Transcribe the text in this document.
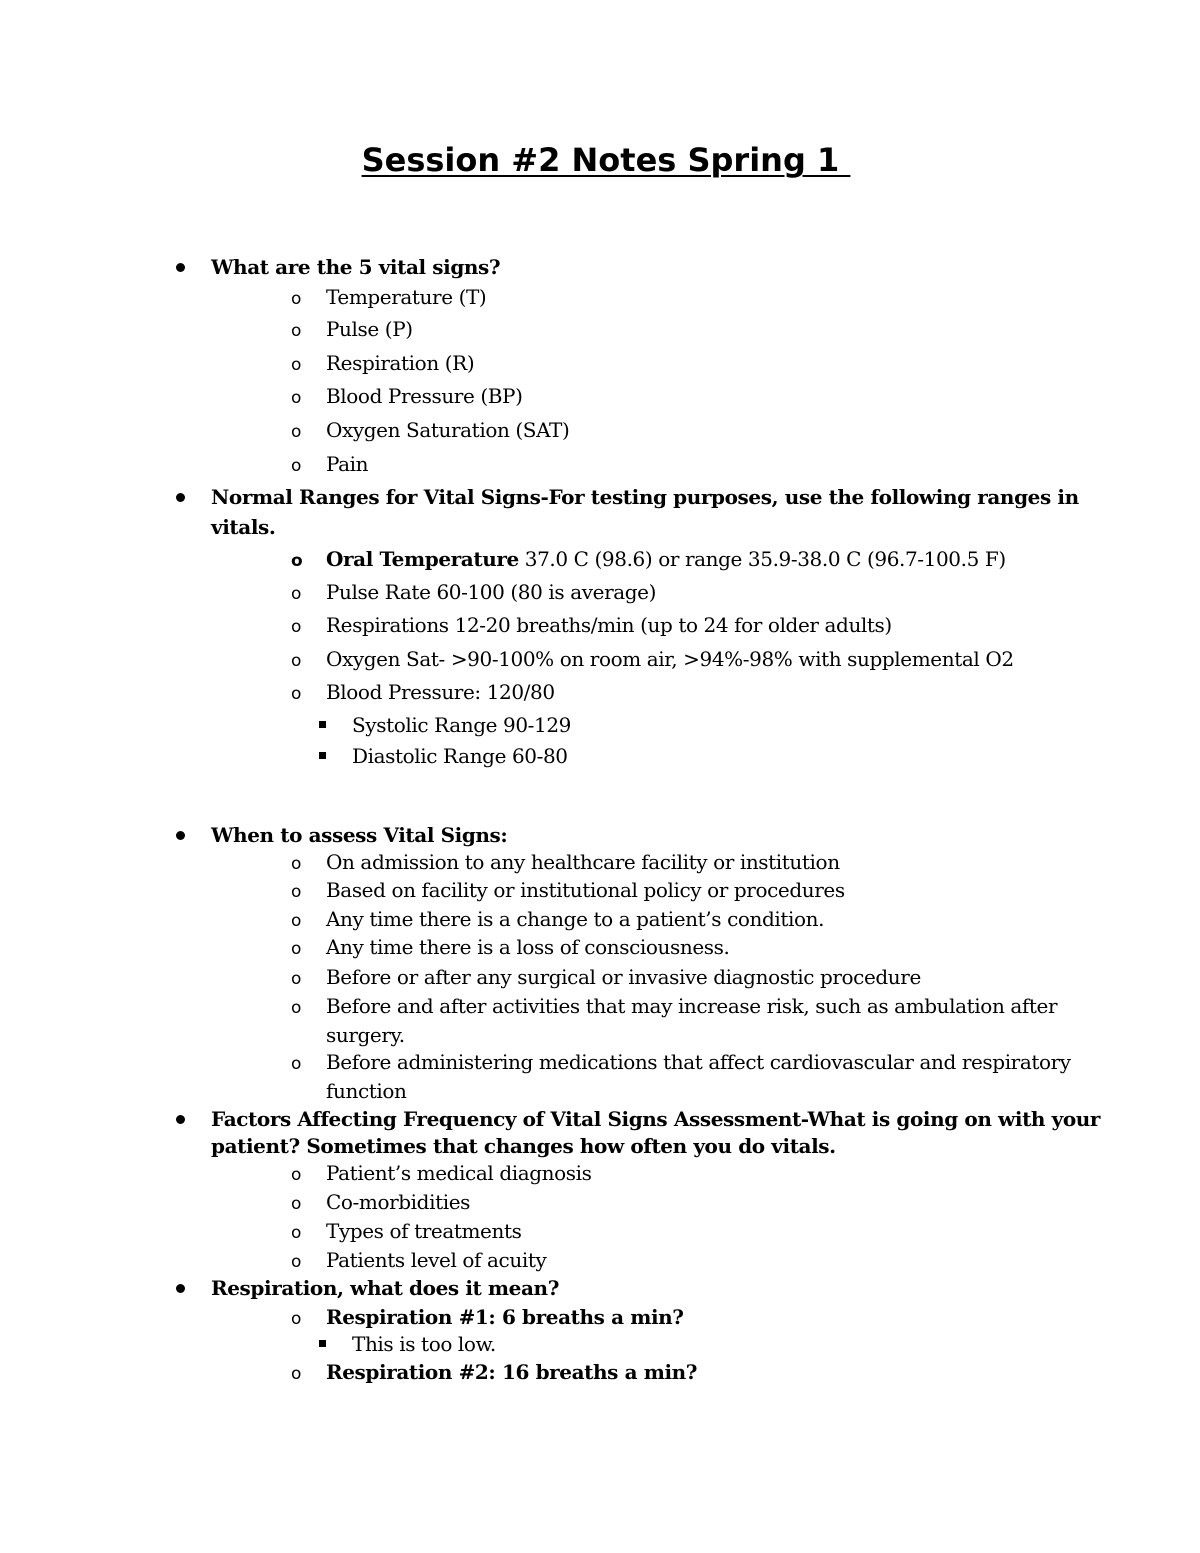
Session #2 Notes Spring 1
What are the 5 vital signs?
o Temperature (T)
o Pulse (P)
o Respiration (R)
o Blood Pressure (BP)
o Oxygen Saturation (SAT)
o Pain
Normal Ranges for Vital Signs-For testing purposes, use the following ranges in
vitals.
o Oral Temperature 37.0 C (98.6) or range 35.9-38.0 C (96.7-100.5 F)
o Pulse Rate 60-100 (80 is average)
o Respirations 12-20 breaths/min (up to 24 for older adults)
o Oxygen Sat- >90-100% on room air, >94%-98% with supplemental O2
o Blood Pressure: 120/80
Systolic Range 90-129
Diastolic Range 60-80
When to assess Vital Signs:
o On admission to any healthcare facility or institution
o Based on facility or institutional policy or procedures
o Any time there is a change to a patient’s condition.
o Any time there is a loss of consciousness.
o Before or after any surgical or invasive diagnostic procedure
o Before and after activities that may increase risk, such as ambulation after
surgery.
o Before administering medications that affect cardiovascular and respiratory
function
Factors Affecting Frequency of Vital Signs Assessment-What is going on with your
patient? Sometimes that changes how often you do vitals.
o Patient’s medical diagnosis
o Co-morbidities
o Types of treatments
o Patients level of acuity
Respiration, what does it mean?
o Respiration #1: 6 breaths a min?
This is too low.
o Respiration #2: 16 breaths a min?
